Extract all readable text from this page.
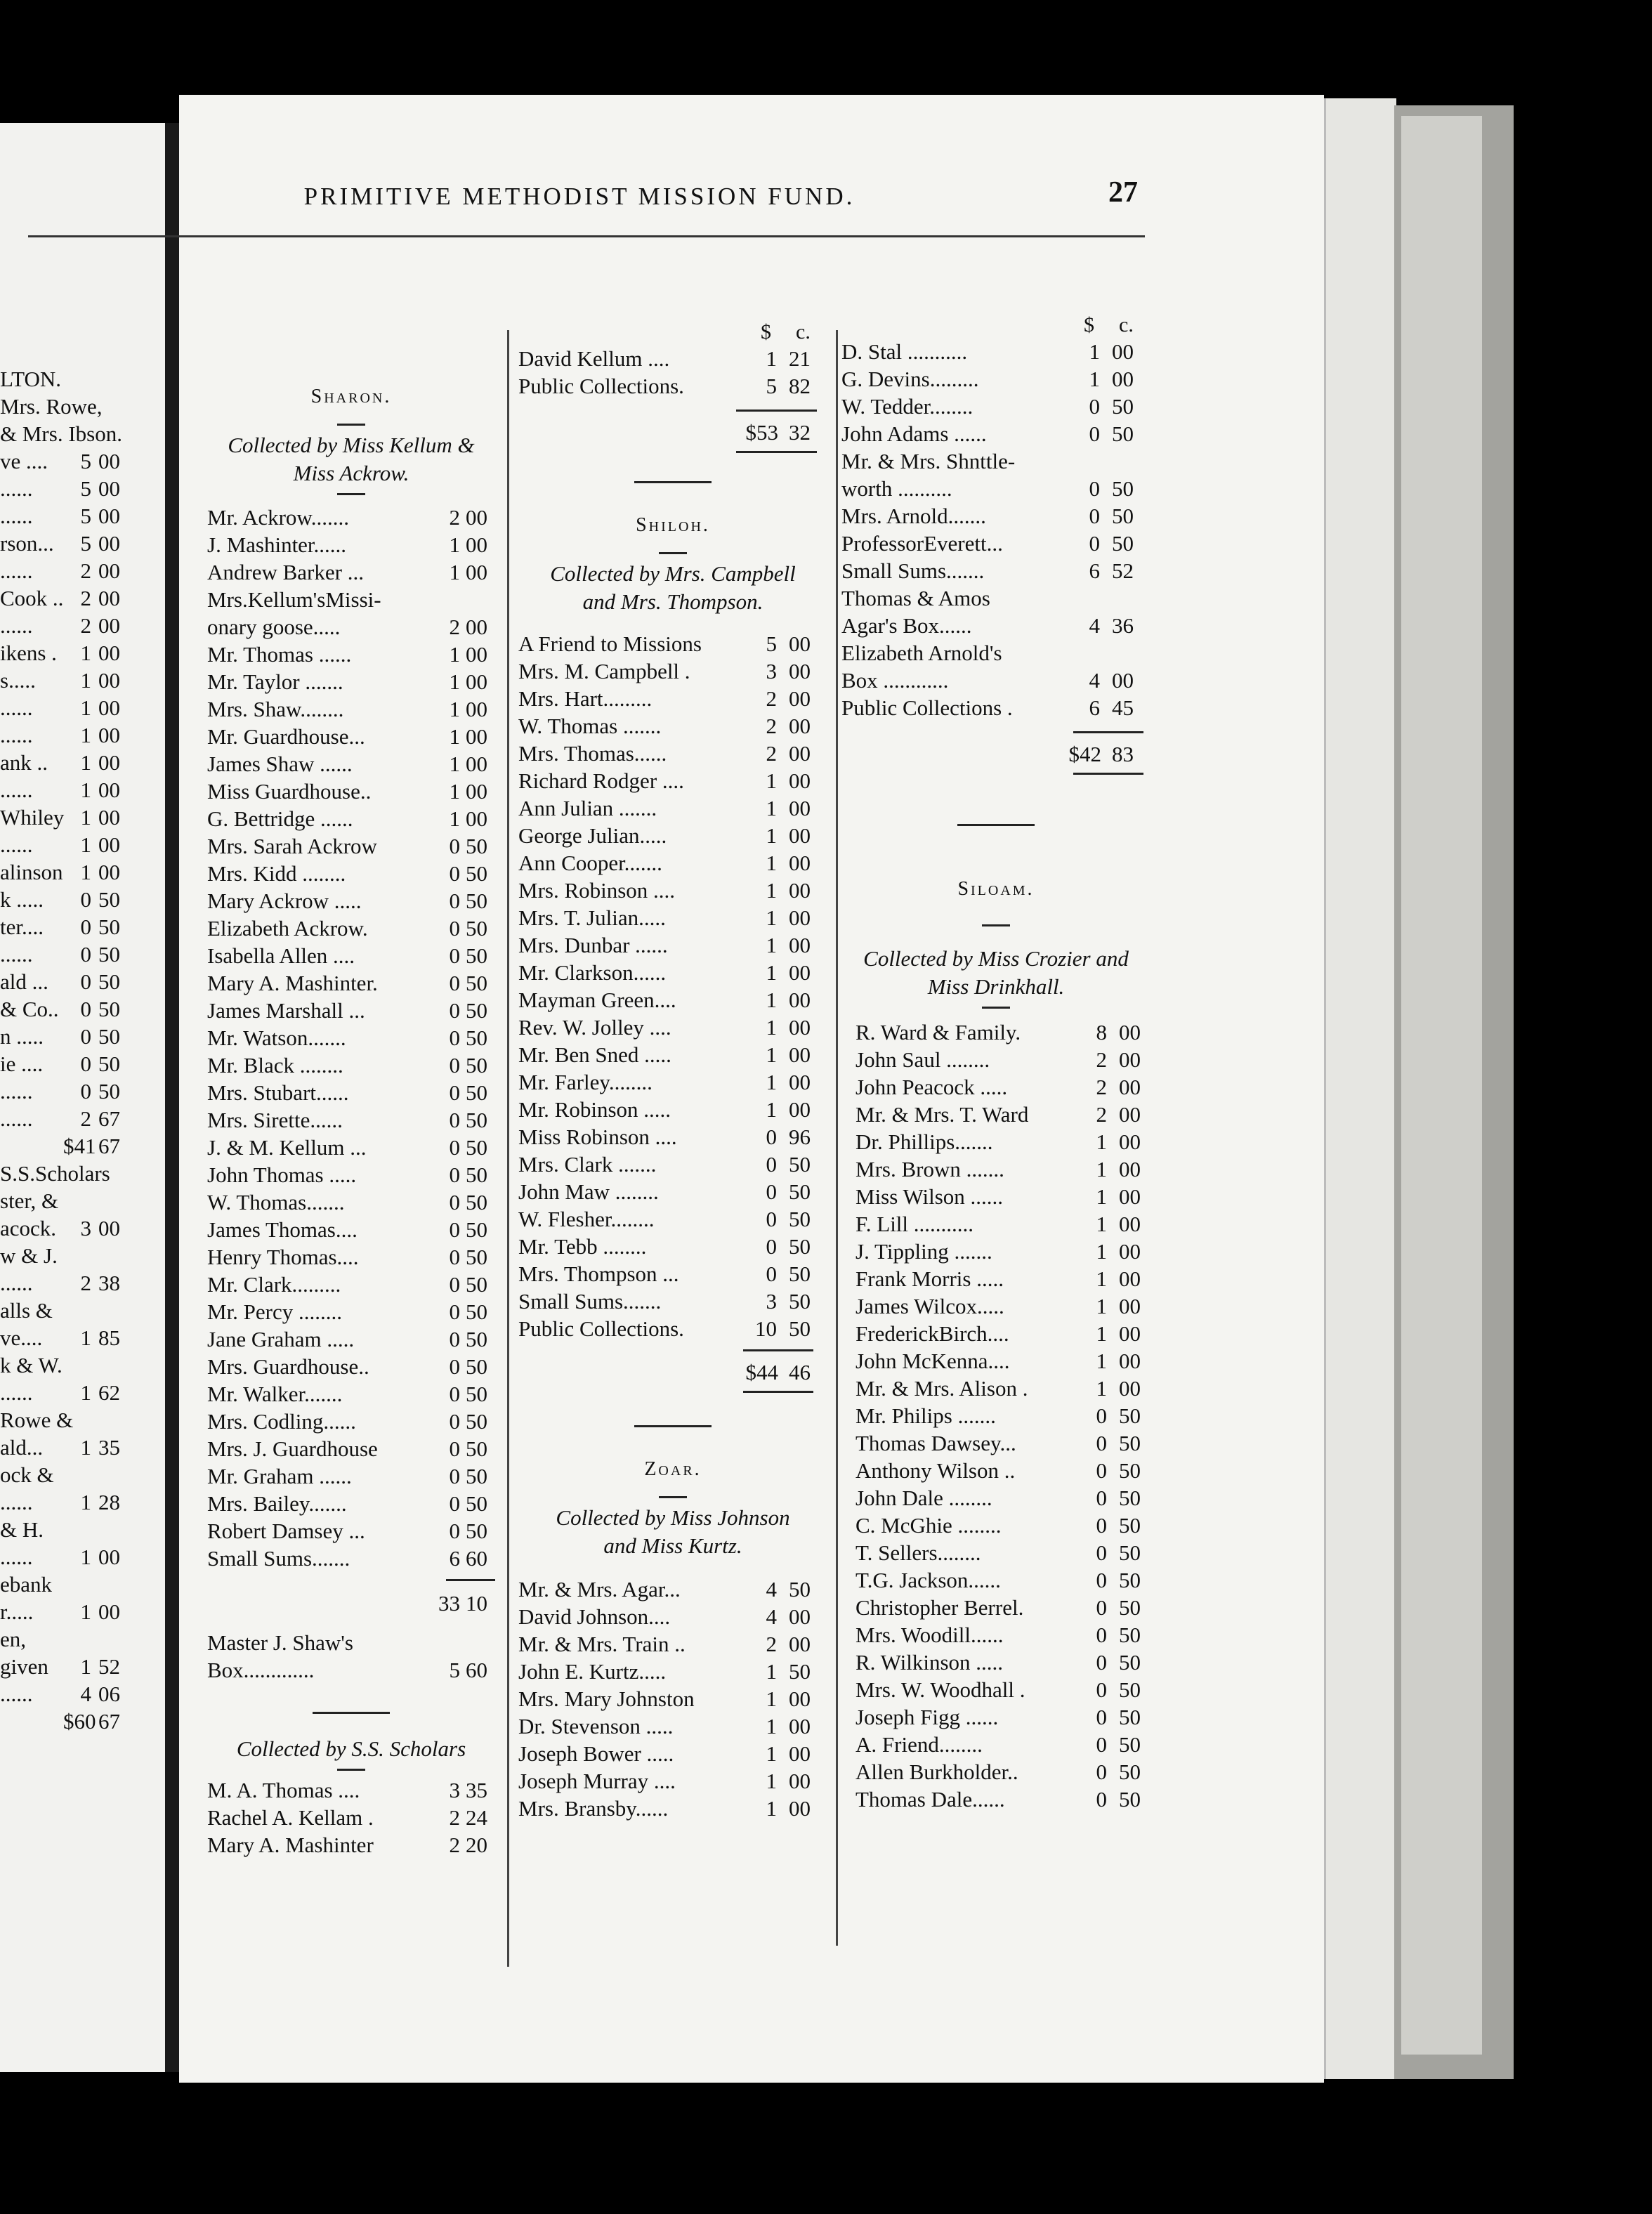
LTON.
Mrs. Rowe,
& Mrs. Ibson.
ve ....	5 00
......	5 00
......	5 00
rson...	5 00
......	2 00
Cook .. 2 00
......	2 00
ikens .	1 00
s.....	1 00
......	1 00
......	1 00
ank ..	1 00
......	1 00
Whiley 1 00
......	1 00
alinson 1 00
k .....	0 50
ter....	0 50
......	0 50
ald ...	0 50
& Co.. 0 50
n .....	0 50
ie ....	0 50
......	0 50
......	2 67
$41 67
S.S.Scholars
ster, &
acock.	3 00
w & J.
......	2 38
alls &
ve....	1 85
k & W.
......	1 62
Rowe &
ald...	1 35
ock &
......	1 28
& H.
......	1 00
ebank
r.....	1 00
en,
given	1 52
......	4 06
$60 67
PRIMITIVE METHODIST MISSION FUND.	27
Sharon.
Collected by Miss Kellum & Miss Ackrow.
Mr. Ackrow.......	2 00
J. Mashinter......	1 00
Andrew Barker ...	1 00
Mrs.Kellum'sMissi-
onary goose.....	2 00
Mr. Thomas ......	1 00
Mr. Taylor .......	1 00
Mrs. Shaw........	1 00
Mr. Guardhouse...	1 00
James Shaw ......	1 00
Miss Guardhouse..	1 00
G. Bettridge ......	1 00
Mrs. Sarah Ackrow	0 50
Mrs. Kidd ........	0 50
Mary Ackrow .....	0 50
Elizabeth Ackrow.	0 50
Isabella Allen ....	0 50
Mary A. Mashinter.	0 50
James Marshall ...	0 50
Mr. Watson.......	0 50
Mr. Black ........	0 50
Mrs. Stubart......	0 50
Mrs. Sirette......	0 50
J. & M. Kellum ...	0 50
John Thomas .....	0 50
W. Thomas.......	0 50
James Thomas....	0 50
Henry Thomas....	0 50
Mr. Clark.........	0 50
Mr. Percy ........	0 50
Jane Graham .....	0 50
Mrs. Guardhouse..	0 50
Mr. Walker.......	0 50
Mrs. Codling......	0 50
Mrs. J. Guardhouse	0 50
Mr. Graham ......	0 50
Mrs. Bailey.......	0 50
Robert Damsey ...	0 50
Small Sums.......	6 60
33 10
Master J. Shaw's
Box.............	5 60
Collected by S.S. Scholars
M. A. Thomas ....	3 35
Rachel A. Kellam .	2 24
Mary A. Mashinter	2 20
$ c.
David Kellum ....	1 21
Public Collections.	5 82
$53 32
Shiloh.
Collected by Mrs. Campbell and Mrs. Thompson.
A Friend to Missions	5 00
Mrs. M. Campbell .	3 00
Mrs. Hart.........	2 00
W. Thomas .......	2 00
Mrs. Thomas......	2 00
Richard Rodger ....	1 00
Ann Julian .......	1 00
George Julian.....	1 00
Ann Cooper.......	1 00
Mrs. Robinson ....	1 00
Mrs. T. Julian.....	1 00
Mrs. Dunbar ......	1 00
Mr. Clarkson......	1 00
Mayman Green....	1 00
Rev. W. Jolley ....	1 00
Mr. Ben Sned .....	1 00
Mr. Farley........	1 00
Mr. Robinson .....	1 00
Miss Robinson ....	0 96
Mrs. Clark .......	0 50
John Maw ........	0 50
W. Flesher........	0 50
Mr. Tebb ........	0 50
Mrs. Thompson ...	0 50
Small Sums.......	3 50
Public Collections.	10 50
$44 46
Zoar.
Collected by Miss Johnson and Miss Kurtz.
Mr. & Mrs. Agar...	4 50
David Johnson....	4 00
Mr. & Mrs. Train ..	2 00
John E. Kurtz.....	1 50
Mrs. Mary Johnston	1 00
Dr. Stevenson .....	1 00
Joseph Bower .....	1 00
Joseph Murray ....	1 00
Mrs. Bransby......	1 00
$ c.
D. Stal ...........	1 00
G. Devins.........	1 00
W. Tedder........	0 50
John Adams ......	0 50
Mr. & Mrs. Shnttle-
worth ..........	0 50
Mrs. Arnold.......	0 50
ProfessorEverett...	0 50
Small Sums.......	6 52
Thomas & Amos
Agar's Box......	4 36
Elizabeth Arnold's
Box ............	4 00
Public Collections .	6 45
$42 83
Siloam.
Collected by Miss Crozier and Miss Drinkhall.
R. Ward & Family.	8 00
John Saul ........	2 00
John Peacock .....	2 00
Mr. & Mrs. T. Ward	2 00
Dr. Phillips.......	1 00
Mrs. Brown .......	1 00
Miss Wilson ......	1 00
F. Lill ...........	1 00
J. Tippling .......	1 00
Frank Morris .....	1 00
James Wilcox.....	1 00
FrederickBirch....	1 00
John McKenna....	1 00
Mr. & Mrs. Alison .	1 00
Mr. Philips .......	0 50
Thomas Dawsey...	0 50
Anthony Wilson ..	0 50
John Dale ........	0 50
C. McGhie ........	0 50
T. Sellers........	0 50
T.G. Jackson......	0 50
Christopher Berrel.	0 50
Mrs. Woodill......	0 50
R. Wilkinson .....	0 50
Mrs. W. Woodhall .	0 50
Joseph Figg ......	0 50
A. Friend........	0 50
Allen Burkholder..	0 50
Thomas Dale......	0 50
